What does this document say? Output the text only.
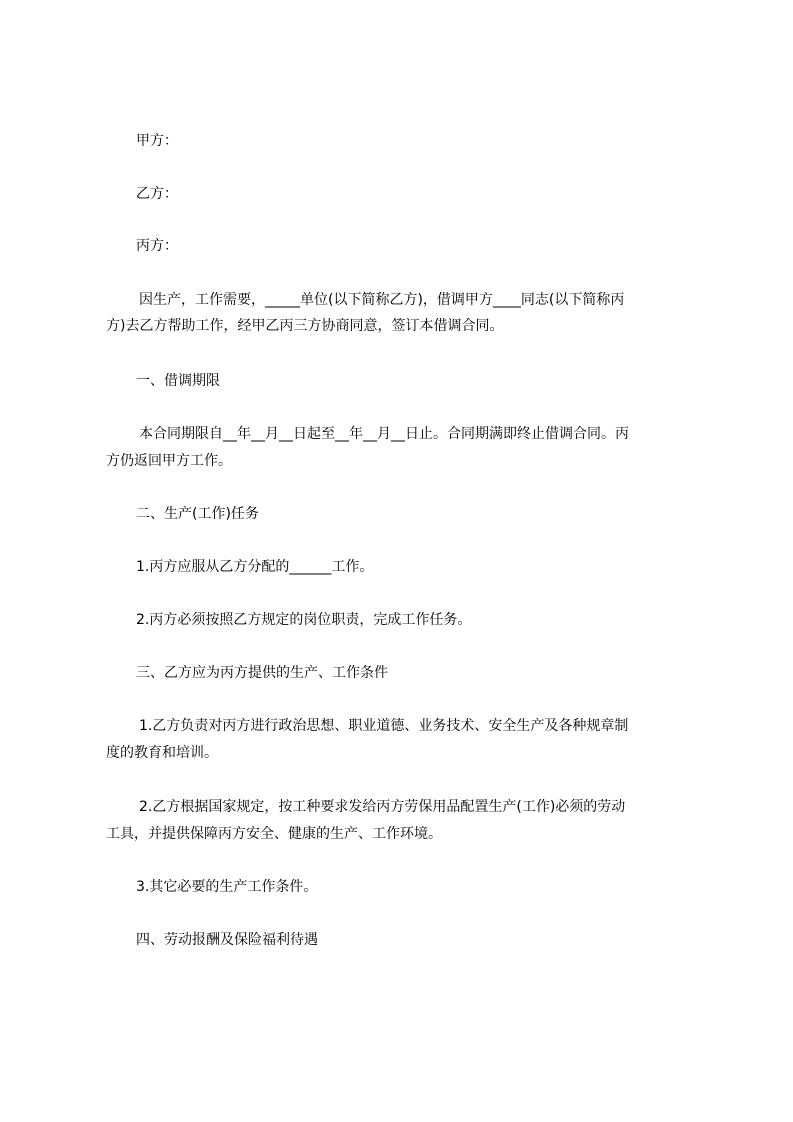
甲方：
乙方：
丙方：
因生产，工作需要，_____单位(以下简称乙方)，借调甲方____同志(以下简称丙
方)去乙方帮助工作，经甲乙丙三方协商同意，签订本借调合同。
一、借调期限
本合同期限自__年__月__日起至__年__月__日止。合同期满即终止借调合同。丙
方仍返回甲方工作。
二、生产(工作)任务
1.丙方应服从乙方分配的______工作。
2.丙方必须按照乙方规定的岗位职责，完成工作任务。
三、乙方应为丙方提供的生产、工作条件
1.乙方负责对丙方进行政治思想、职业道德、业务技术、安全生产及各种规章制
度的教育和培训。
2.乙方根据国家规定，按工种要求发给丙方劳保用品配置生产(工作)必须的劳动
工具，并提供保障丙方安全、健康的生产、工作环境。
3.其它必要的生产工作条件。
四、劳动报酬及保险福利待遇
